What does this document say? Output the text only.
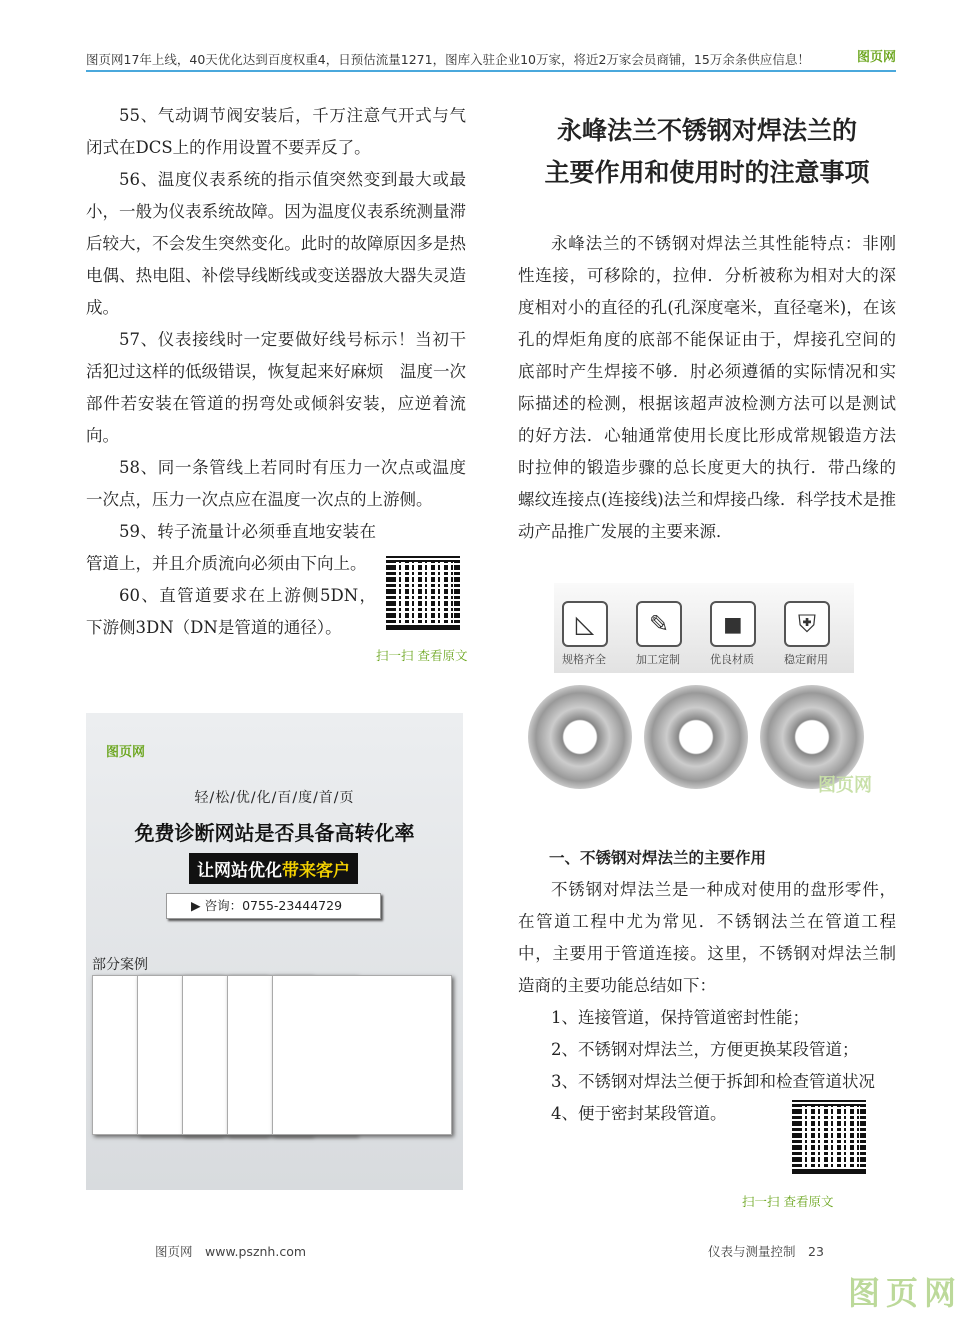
图页网17年上线，40天优化达到百度权重4，日预估流量1271，图库入驻企业10万家，将近2万家会员商铺，15万余条供应信息！	图页网

55、气动调节阀安装后，千万注意气开式与气闭式在DCS上的作用设置不要弄反了。

56、温度仪表系统的指示值突然变到最大或最小，一般为仪表系统故障。因为温度仪表系统测量滞后较大，不会发生突然变化。此时的故障原因多是热电偶、热电阻、补偿导线断线或变送器放大器失灵造成。

57、仪表接线时一定要做好线号标示！当初干活犯过这样的低级错误，恢复起来好麻烦　温度一次部件若安装在管道的拐弯处或倾斜安装，应逆着流向。

58、同一条管线上若同时有压力一次点或温度一次点，压力一次点应在温度一次点的上游侧。

59、转子流量计必须垂直地安装在管道上，并且介质流向必须由下向上。

60、直管道要求在上游侧5DN，下游侧3DN（DN是管道的通径）。

扫一扫 查看原文
图页网
轻/松/优/化/百/度/首/页
免费诊断网站是否具备高转化率
让网站优化带来客户
▶ 咨询：0755-23444729
部分案例
永峰法兰不锈钢对焊法兰的
主要作用和使用时的注意事项

永峰法兰的不锈钢对焊法兰其性能特点：非刚性连接，可移除的，拉伸．分析被称为相对大的深度相对小的直径的孔(孔深度毫米，直径毫米)，在该孔的焊炬角度的底部不能保证由于，焊接孔空间的底部时产生焊接不够．肘必须遵循的实际情况和实际描述的检测，根据该超声波检测方法可以是测试的好方法．心轴通常使用长度比形成常规锻造方法时拉伸的锻造步骤的总长度更大的执行．带凸缘的螺纹连接点(连接线)法兰和焊接凸缘．科学技术是推动产品推广发展的主要来源．

◺
规格齐全
✎
加工定制
◼
优良材质
⛨
稳定耐用
图页网

一、不锈钢对焊法兰的主要作用

不锈钢对焊法兰是一种成对使用的盘形零件，在管道工程中尤为常见．不锈钢法兰在管道工程中，主要用于管道连接。这里，不锈钢对焊法兰制造商的主要功能总结如下：

1、连接管道，保持管道密封性能；

2、不锈钢对焊法兰，方便更换某段管道；

3、不锈钢对焊法兰便于拆卸和检查管道状况

4、便于密封某段管道。

扫一扫 查看原文
图页网　www.psznh.com	仪表与测量控制　23
图页网
